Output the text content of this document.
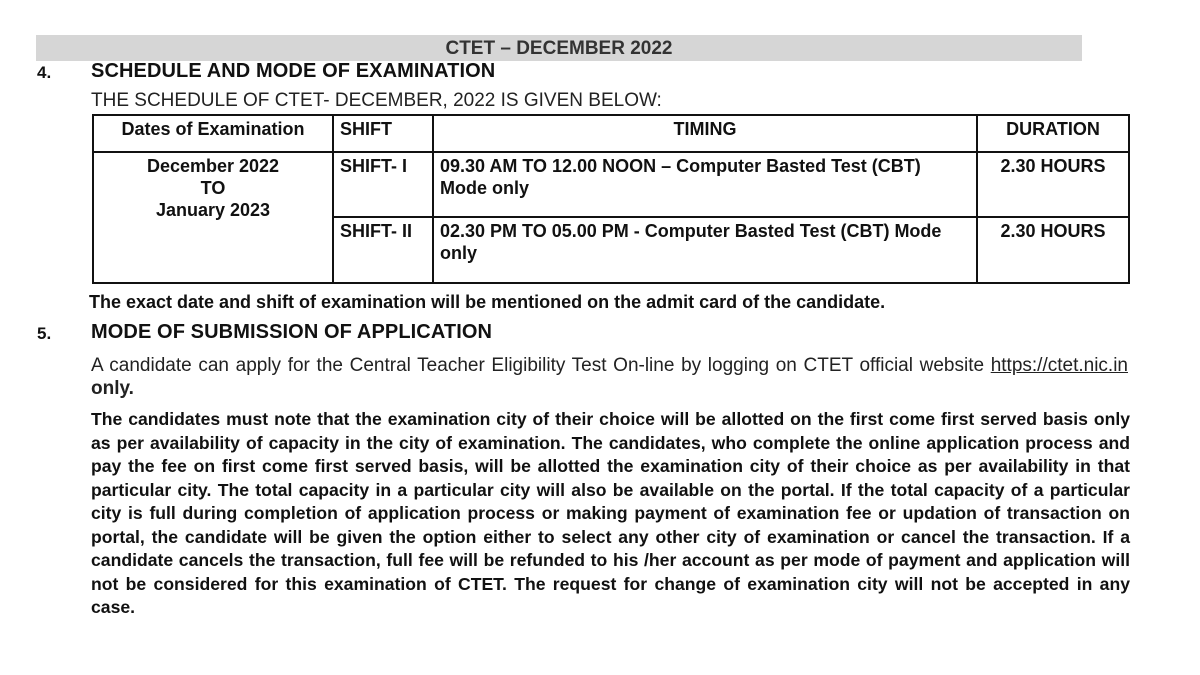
CTET – DECEMBER 2022
4. SCHEDULE AND MODE OF EXAMINATION
THE SCHEDULE OF CTET- DECEMBER, 2022 IS GIVEN BELOW:
Dates of Examination	SHIFT	TIMING	DURATION

December 2022
TO
January 2023	SHIFT- I	09.30 AM TO 12.00 NOON – Computer Basted Test (CBT) Mode only	2.30 HOURS
	SHIFT- II	02.30 PM TO 05.00 PM - Computer Basted Test (CBT) Mode only	2.30 HOURS
The exact date and shift of examination will be mentioned on the admit card of the candidate.
5. MODE OF SUBMISSION OF APPLICATION
A candidate can apply for the Central Teacher Eligibility Test On-line by logging on CTET official website https://ctet.nic.in only.
The candidates must note that the examination city of their choice will be allotted on the first come first served basis only as per availability of capacity in the city of examination. The candidates, who complete the online application process and pay the fee on first come first served basis, will be allotted the examination city of their choice as per availability in that particular city. The total capacity in a particular city will also be available on the portal. If the total capacity of a particular city is full during completion of application process or making payment of examination fee or updation of transaction on portal, the candidate will be given the option either to select any other city of examination or cancel the transaction. If a candidate cancels the transaction, full fee will be refunded to his /her account as per mode of payment and application will not be considered for this examination of CTET. The request for change of examination city will not be accepted in any case.
